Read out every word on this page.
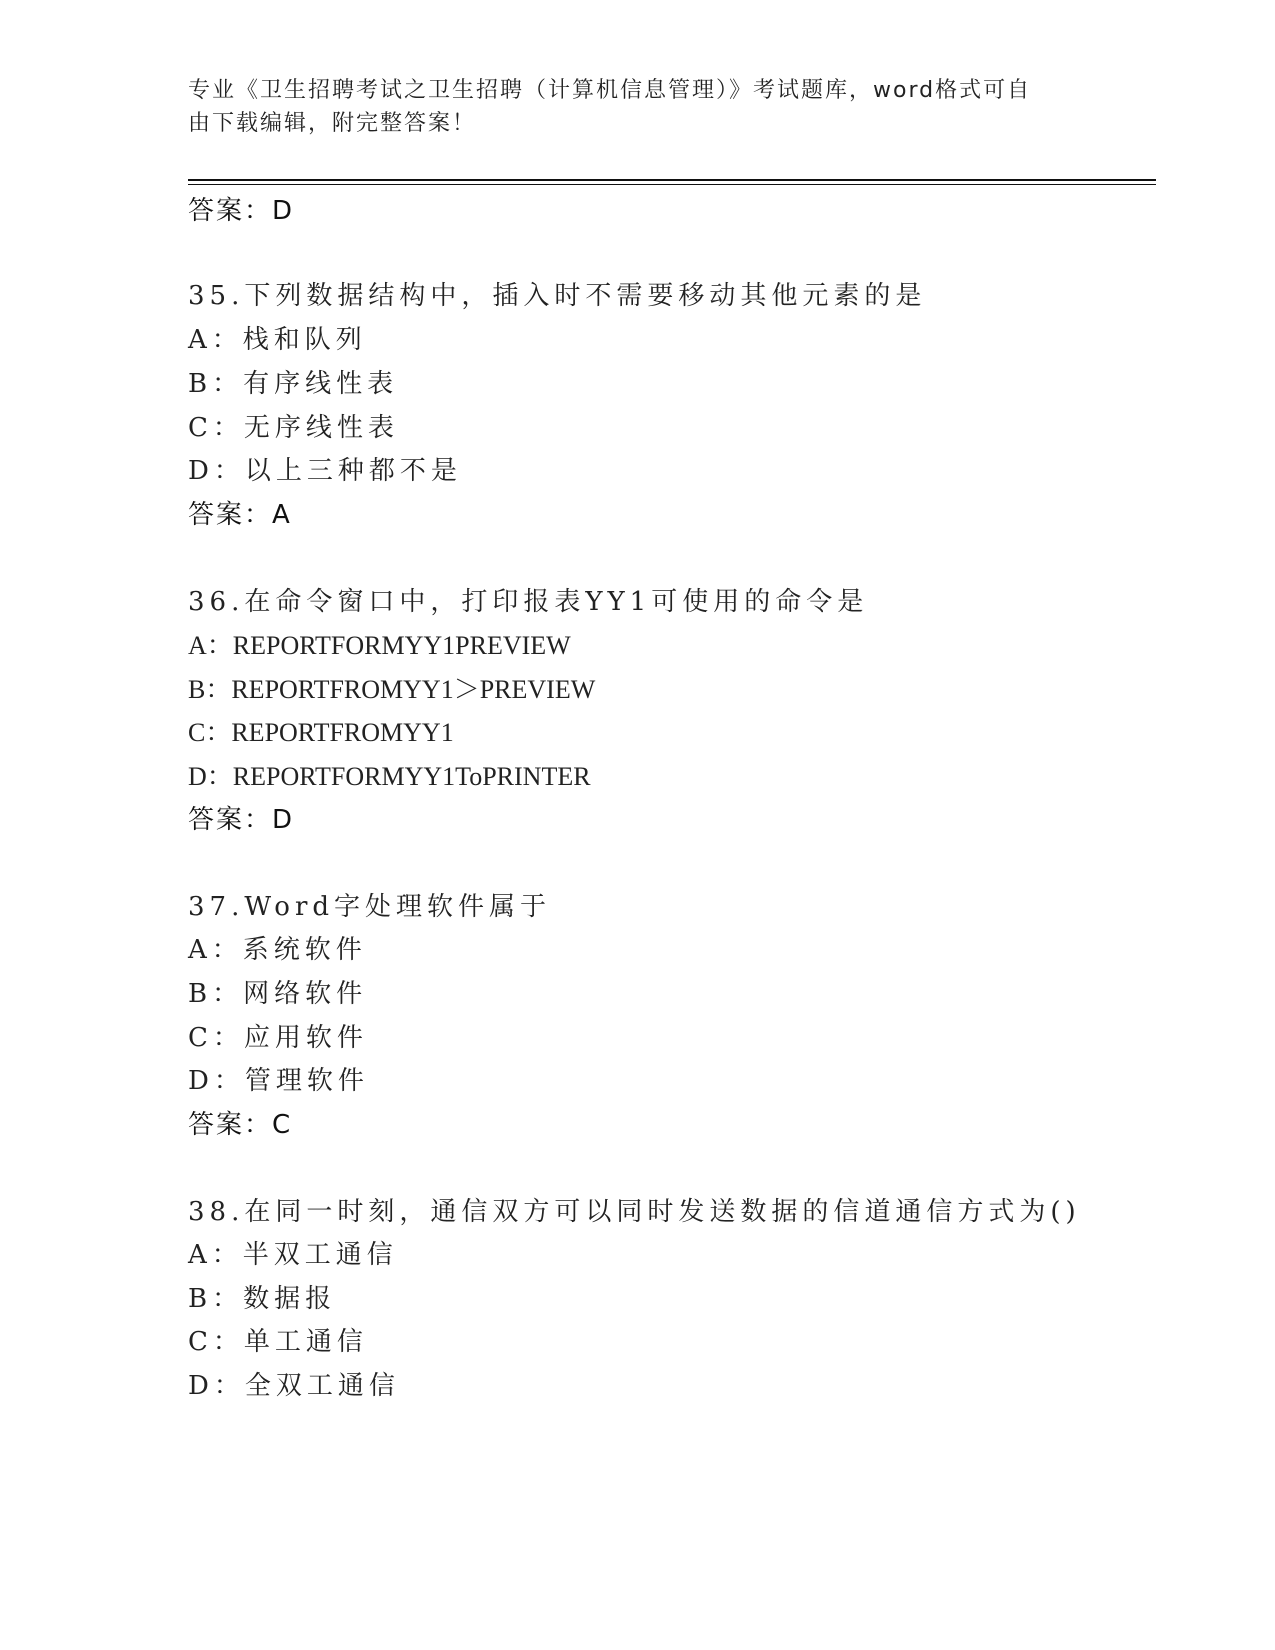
专业《卫生招聘考试之卫生招聘（计算机信息管理）》考试题库，word格式可自
由下载编辑，附完整答案！
答案：D
35.下列数据结构中，插入时不需要移动其他元素的是
A：栈和队列
B：有序线性表
C：无序线性表
D：以上三种都不是
答案：A
36.在命令窗口中，打印报表YY1可使用的命令是
A：REPORTFORMYY1PREVIEW
B：REPORTFROMYY1＞PREVIEW
C：REPORTFROMYY1
D：REPORTFORMYY1ToPRINTER
答案：D
37.Word字处理软件属于
A：系统软件
B：网络软件
C：应用软件
D：管理软件
答案：C
38.在同一时刻，通信双方可以同时发送数据的信道通信方式为()
A：半双工通信
B：数据报
C：单工通信
D：全双工通信
